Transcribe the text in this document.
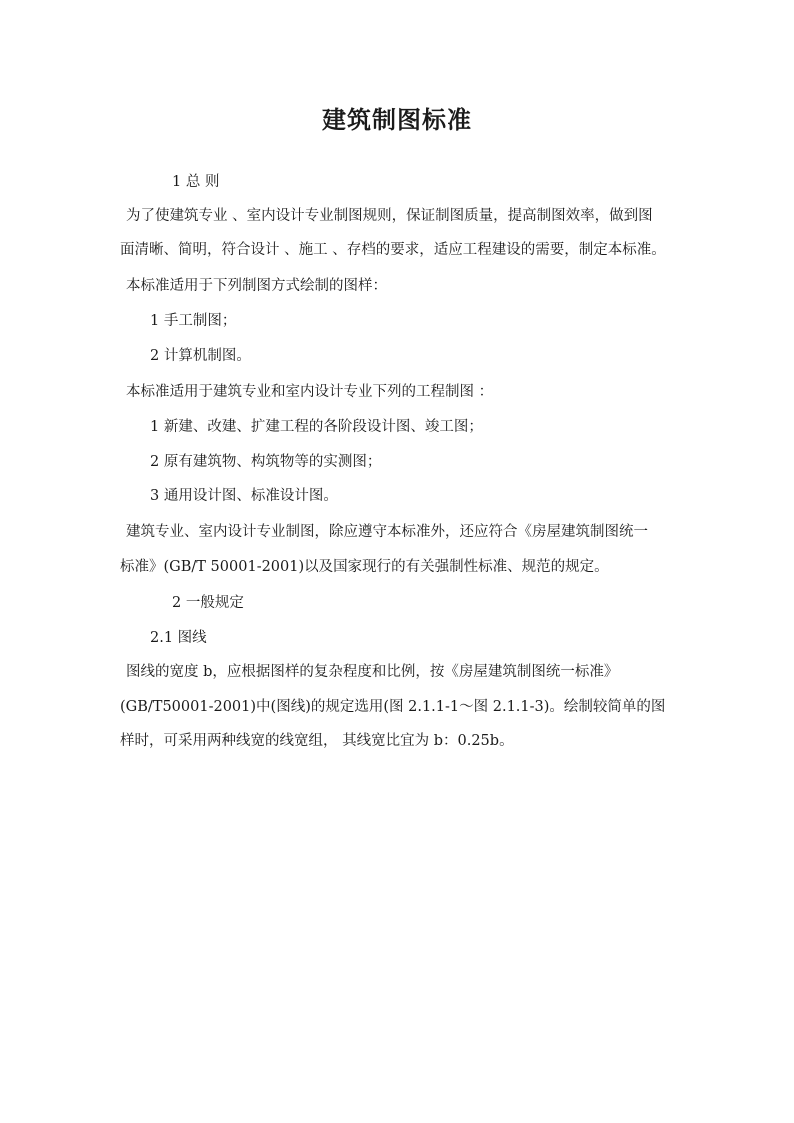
建筑制图标准
1 总 则
为了使建筑专业 、室内设计专业制图规则，保证制图质量，提高制图效率，做到图
面清晰、简明，符合设计 、施工 、存档的要求，适应工程建设的需要，制定本标准。
本标准适用于下列制图方式绘制的图样：
1 手工制图；
2 计算机制图。
本标准适用于建筑专业和室内设计专业下列的工程制图 ：
1 新建、改建、扩建工程的各阶段设计图、竣工图；
2 原有建筑物、构筑物等的实测图；
3 通用设计图、标准设计图。
建筑专业、室内设计专业制图，除应遵守本标准外，还应符合《房屋建筑制图统一
标准》(GB/T 50001-2001)以及国家现行的有关强制性标准、规范的规定。
2 一般规定
2.1 图线
图线的宽度 b，应根据图样的复杂程度和比例，按《房屋建筑制图统一标准》
(GB/T50001-2001)中(图线)的规定选用(图 2.1.1-1～图 2.1.1-3)。绘制较简单的图
样时，可采用两种线宽的线宽组， 其线宽比宜为 b：0.25b。
